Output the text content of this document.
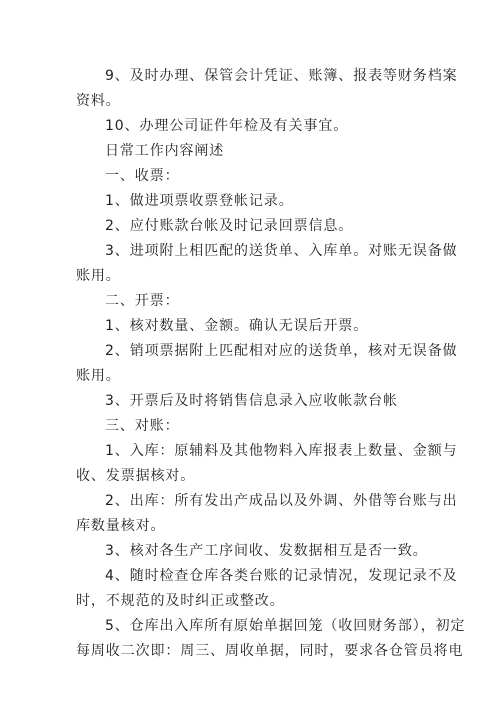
9、及时办理、保管会计凭证、账簿、报表等财务档案
资料。
10、办理公司证件年检及有关事宜。
日常工作内容阐述
一、收票：
1、做进项票收票登帐记录。
2、应付账款台帐及时记录回票信息。
3、进项附上相匹配的送货单、入库单。对账无误备做
账用。
二、开票：
1、核对数量、金额。确认无误后开票。
2、销项票据附上匹配相对应的送货单，核对无误备做
账用。
3、开票后及时将销售信息录入应收帐款台帐
三、对账：
1、入库：原辅料及其他物料入库报表上数量、金额与
收、发票据核对。
2、出库：所有发出产成品以及外调、外借等台账与出
库数量核对。
3、核对各生产工序间收、发数据相互是否一致。
4、随时检查仓库各类台账的记录情况，发现记录不及
时，不规范的及时纠正或整改。
5、仓库出入库所有原始单据回笼（收回财务部），初定
每周收二次即：周三、周收单据，同时，要求各仓管员将电
